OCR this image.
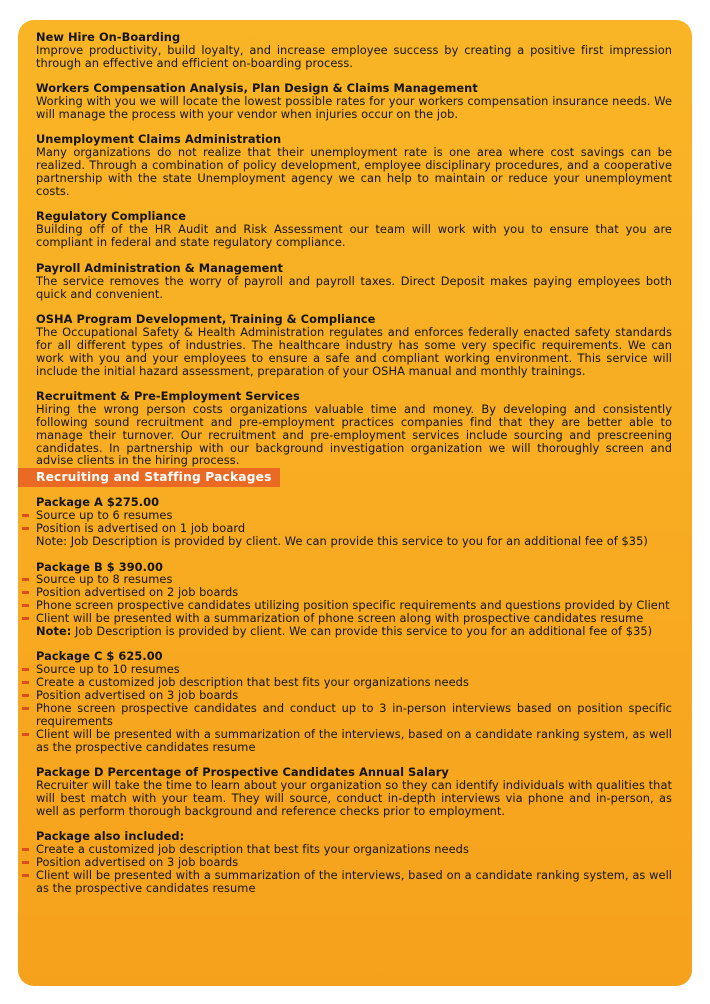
New Hire On-Boarding
Improve productivity, build loyalty, and increase employee success by creating a positive first impression through an effective and efficient on-boarding process.
Workers Compensation Analysis, Plan Design & Claims Management
Working with you we will locate the lowest possible rates for your workers compensation insurance needs. We will manage the process with your vendor when injuries occur on the job.
Unemployment Claims Administration
Many organizations do not realize that their unemployment rate is one area where cost savings can be realized. Through a combination of policy development, employee disciplinary procedures, and a cooperative partnership with the state Unemployment agency we can help to maintain or reduce your unemployment costs.
Regulatory Compliance
Building off of the HR Audit and Risk Assessment our team will work with you to ensure that you are compliant in federal and state regulatory compliance.
Payroll Administration & Management
The service removes the worry of payroll and payroll taxes. Direct Deposit makes paying employees both quick and convenient.
OSHA Program Development, Training & Compliance
The Occupational Safety & Health Administration regulates and enforces federally enacted safety standards for all different types of industries. The healthcare industry has some very specific requirements. We can work with you and your employees to ensure a safe and compliant working environment. This service will include the initial hazard assessment, preparation of your OSHA manual and monthly trainings.
Recruitment & Pre-Employment Services
Hiring the wrong person costs organizations valuable time and money. By developing and consistently following sound recruitment and pre-employment practices companies find that they are better able to manage their turnover. Our recruitment and pre-employment services include sourcing and prescreening candidates. In partnership with our background investigation organization we will thoroughly screen and advise clients in the hiring process.
Recruiting and Staffing Packages
Package A $275.00
Source up to 6 resumes
Position is advertised on 1 job board
Note: Job Description is provided by client. We can provide this service to you for an additional fee of $35)
Package B $ 390.00
Source up to 8 resumes
Position advertised on 2 job boards
Phone screen prospective candidates utilizing position specific requirements and questions provided by Client
Client will be presented with a summarization of phone screen along with prospective candidates resume
Note: Job Description is provided by client. We can provide this service to you for an additional fee of $35)
Package C $ 625.00
Source up to 10 resumes
Create a customized job description that best fits your organizations needs
Position advertised on 3 job boards
Phone screen prospective candidates and conduct up to 3 in-person interviews based on position specific requirements
Client will be presented with a summarization of the interviews, based on a candidate ranking system, as well as the prospective candidates resume
Package D Percentage of Prospective Candidates Annual Salary
Recruiter will take the time to learn about your organization so they can identify individuals with qualities that will best match with your team. They will source, conduct in-depth interviews via phone and in-person, as well as perform thorough background and reference checks prior to employment.
Package also included:
Create a customized job description that best fits your organizations needs
Position advertised on 3 job boards
Client will be presented with a summarization of the interviews, based on a candidate ranking system, as well as the prospective candidates resume
